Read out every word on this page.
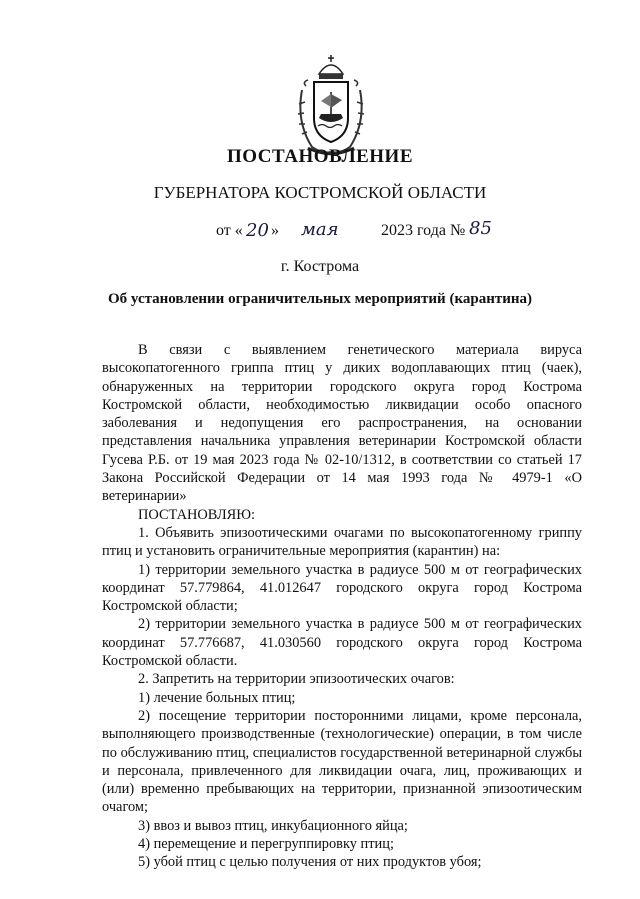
ПОСТАНОВЛЕНИЕ
ГУБЕРНАТОРА КОСТРОМСКОЙ ОБЛАСТИ
от « 20 » мая	2023 года № 85
г. Кострома
Об установлении ограничительных мероприятий (карантина)

В связи с выявлением генетического материала вируса высокопатогенного гриппа птиц у диких водоплавающих птиц (чаек), обнаруженных на территории городского округа город Кострома Костромской области, необходимостью ликвидации особо опасного заболевания и недопущения его распространения, на основании представления начальника управления ветеринарии Костромской области Гусева Р.Б. от 19 мая 2023 года № 02-10/1312, в соответствии со статьей 17 Закона Российской Федерации от 14 мая 1993 года № 4979-1 «О ветеринарии»

ПОСТАНОВЛЯЮ:

1. Объявить эпизоотическими очагами по высокопатогенному гриппу птиц и установить ограничительные мероприятия (карантин) на:

1) территории земельного участка в радиусе 500 м от географических координат 57.779864, 41.012647 городского округа город Кострома Костромской области;

2) территории земельного участка в радиусе 500 м от географических координат 57.776687, 41.030560 городского округа город Кострома Костромской области.

2. Запретить на территории эпизоотических очагов:

1) лечение больных птиц;

2) посещение территории посторонними лицами, кроме персонала, выполняющего производственные (технологические) операции, в том числе по обслуживанию птиц, специалистов государственной ветеринарной службы и персонала, привлеченного для ликвидации очага, лиц, проживающих и (или) временно пребывающих на территории, признанной эпизоотическим очагом;

3) ввоз и вывоз птиц, инкубационного яйца;

4) перемещение и перегруппировку птиц;

5) убой птиц с целью получения от них продуктов убоя;
